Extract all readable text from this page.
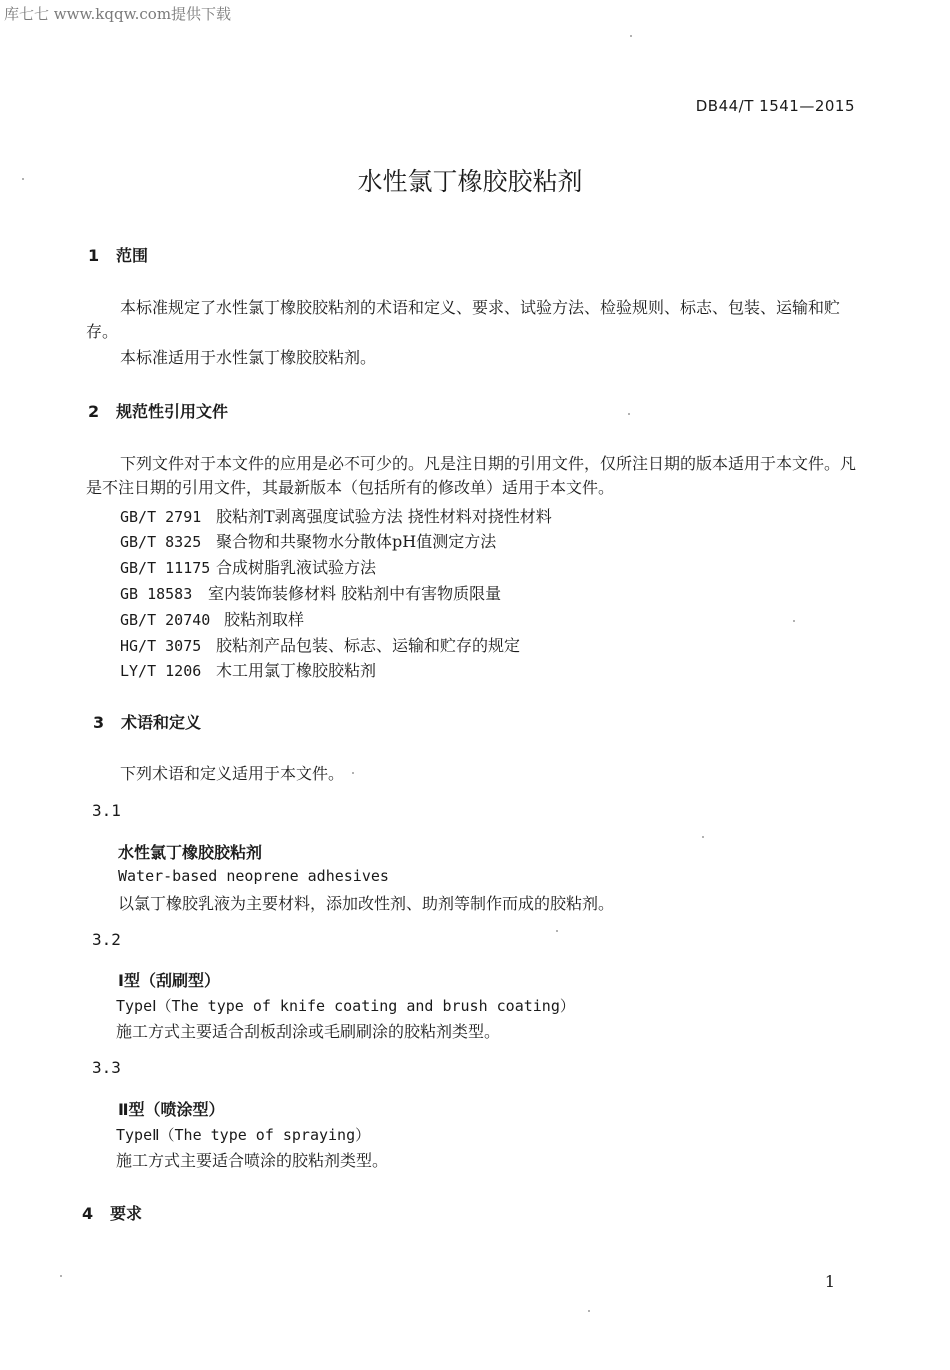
库七七 www.kqqw.com提供下载
DB44/T 1541—2015
水性氯丁橡胶胶粘剂
1 范围
本标准规定了水性氯丁橡胶胶粘剂的术语和定义、要求、试验方法、检验规则、标志、包装、运输和贮存。
本标准适用于水性氯丁橡胶胶粘剂。
2 规范性引用文件
下列文件对于本文件的应用是必不可少的。凡是注日期的引用文件，仅所注日期的版本适用于本文件。凡是不注日期的引用文件，其最新版本（包括所有的修改单）适用于本文件。
GB/T 2791 胶粘剂T剥离强度试验方法 挠性材料对挠性材料
GB/T 8325 聚合物和共聚物水分散体pH值测定方法
GB/T 11175 合成树脂乳液试验方法
GB 18583 室内装饰装修材料 胶粘剂中有害物质限量
GB/T 20740 胶粘剂取样
HG/T 3075 胶粘剂产品包装、标志、运输和贮存的规定
LY/T 1206 木工用氯丁橡胶胶粘剂
3 术语和定义
下列术语和定义适用于本文件。
3.1
水性氯丁橡胶胶粘剂
Water-based neoprene adhesives
以氯丁橡胶乳液为主要材料，添加改性剂、助剂等制作而成的胶粘剂。
3.2
Ⅰ型（刮刷型）
TypeⅠ（The type of knife coating and brush coating）
施工方式主要适合刮板刮涂或毛刷刷涂的胶粘剂类型。
3.3
Ⅱ型（喷涂型）
TypeⅡ（The type of spraying）
施工方式主要适合喷涂的胶粘剂类型。
4 要求
1
